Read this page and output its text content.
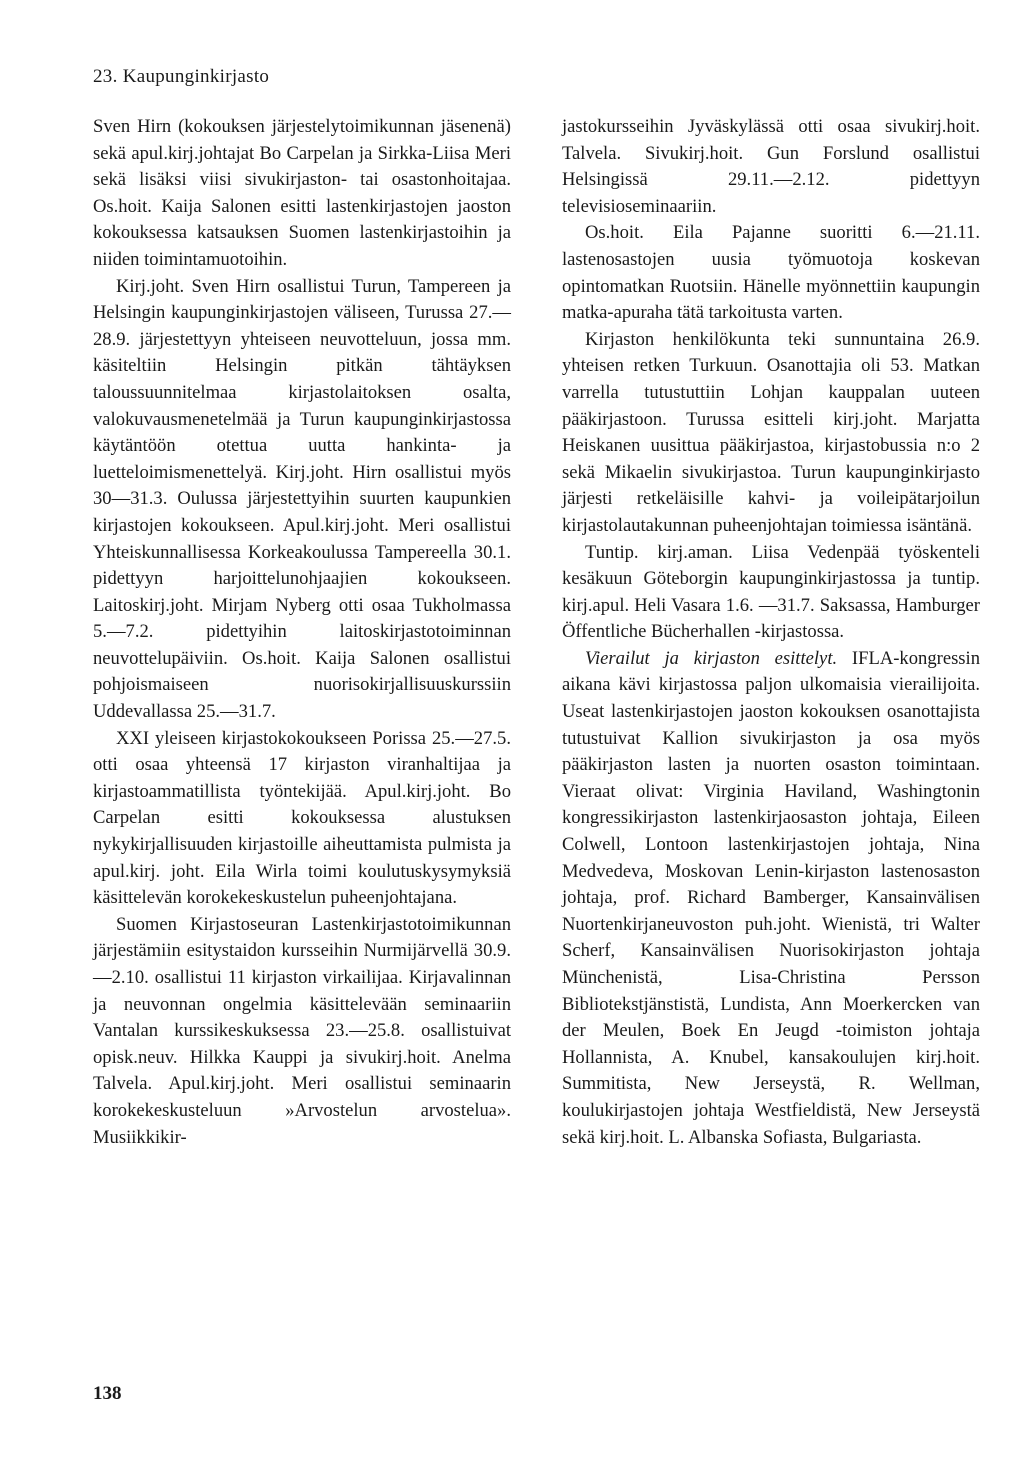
23. Kaupunginkirjasto

Sven Hirn (kokouksen järjestelytoimikunnan jäsenenä) sekä apul.kirj.johtajat Bo Carpelan ja Sirkka-Liisa Meri sekä lisäksi viisi sivukirjaston- tai osastonhoitajaa. Os.hoit. Kaija Salonen esitti lastenkirjastojen jaoston kokouksessa katsauksen Suomen lastenkirjastoihin ja niiden toimintamuotoihin.

Kirj.joht. Sven Hirn osallistui Turun, Tampereen ja Helsingin kaupunginkirjastojen väliseen, Turussa 27.—28.9. järjestettyyn yhteiseen neuvotteluun, jossa mm. käsiteltiin Helsingin pitkän tähtäyksen taloussuunnitelmaa kirjastolaitoksen osalta, valokuvausmenetelmää ja Turun kaupunginkirjastossa käytäntöön otettua uutta hankinta- ja luetteloimismenettelyä. Kirj.joht. Hirn osallistui myös 30—31.3. Oulussa järjestettyihin suurten kaupunkien kirjastojen kokoukseen. Apul.kirj.joht. Meri osallistui Yhteiskunnallisessa Korkeakoulussa Tampereella 30.1. pidettyyn harjoittelunohjaajien kokoukseen. Laitoskirj.joht. Mirjam Nyberg otti osaa Tukholmassa 5.—7.2. pidettyihin laitoskirjastotoiminnan neuvottelupäiviin. Os.hoit. Kaija Salonen osallistui pohjoismaiseen nuorisokirjallisuuskurssiin Uddevallassa 25.—31.7.

XXI yleiseen kirjastokokoukseen Porissa 25.—27.5. otti osaa yhteensä 17 kirjaston viranhaltijaa ja kirjastoammatillista työntekijää. Apul.kirj.joht. Bo Carpelan esitti kokouksessa alustuksen nykykirjallisuuden kirjastoille aiheuttamista pulmista ja apul.kirj. joht. Eila Wirla toimi koulutuskysymyksiä käsittelevän korokekeskustelun puheenjohtajana.

Suomen Kirjastoseuran Lastenkirjastotoimikunnan järjestämiin esitystaidon kursseihin Nurmijärvellä 30.9.—2.10. osallistui 11 kirjaston virkailijaa. Kirjavalinnan ja neuvonnan ongelmia käsittelevään seminaariin Vantalan kurssikeskuksessa 23.—25.8. osallistuivat opisk.neuv. Hilkka Kauppi ja sivukirj.hoit. Anelma Talvela. Apul.kirj.joht. Meri osallistui seminaarin korokekeskusteluun »Arvostelun arvostelua». Musiikkikir-

jastokursseihin Jyväskylässä otti osaa sivukirj.hoit. Talvela. Sivukirj.hoit. Gun Forslund osallistui Helsingissä 29.11.—2.12. pidettyyn televisioseminaariin.

Os.hoit. Eila Pajanne suoritti 6.—21.11. lastenosastojen uusia työmuotoja koskevan opintomatkan Ruotsiin. Hänelle myönnettiin kaupungin matka-apuraha tätä tarkoitusta varten.

Kirjaston henkilökunta teki sunnuntaina 26.9. yhteisen retken Turkuun. Osanottajia oli 53. Matkan varrella tutustuttiin Lohjan kauppalan uuteen pääkirjastoon. Turussa esitteli kirj.joht. Marjatta Heiskanen uusittua pääkirjastoa, kirjastobussia n:o 2 sekä Mikaelin sivukirjastoa. Turun kaupunginkirjasto järjesti retkeläisille kahvi- ja voileipätarjoilun kirjastolautakunnan puheenjohtajan toimiessa isäntänä.

Tuntip. kirj.aman. Liisa Vedenpää työskenteli kesäkuun Göteborgin kaupunginkirjastossa ja tuntip. kirj.apul. Heli Vasara 1.6. —31.7. Saksassa, Hamburger Öffentliche Bücherhallen -kirjastossa.

Vierailut ja kirjaston esittelyt. IFLA-kongressin aikana kävi kirjastossa paljon ulkomaisia vierailijoita. Useat lastenkirjastojen jaoston kokouksen osanottajista tutustuivat Kallion sivukirjaston ja osa myös pääkirjaston lasten ja nuorten osaston toimintaan. Vieraat olivat: Virginia Haviland, Washingtonin kongressikirjaston lastenkirjaosaston johtaja, Eileen Colwell, Lontoon lastenkirjastojen johtaja, Nina Medvedeva, Moskovan Lenin-kirjaston lastenosaston johtaja, prof. Richard Bamberger, Kansainvälisen Nuortenkirjaneuvoston puh.joht. Wienistä, tri Walter Scherf, Kansainvälisen Nuorisokirjaston johtaja Münchenistä, Lisa-Christina Persson Bibliotekstjänstistä, Lundista, Ann Moerkercken van der Meulen, Boek En Jeugd -toimiston johtaja Hollannista, A. Knubel, kansakoulujen kirj.hoit. Summitista, New Jerseystä, R. Wellman, koulukirjastojen johtaja Westfieldistä, New Jerseystä sekä kirj.hoit. L. Albanska Sofiasta, Bulgariasta.

138
